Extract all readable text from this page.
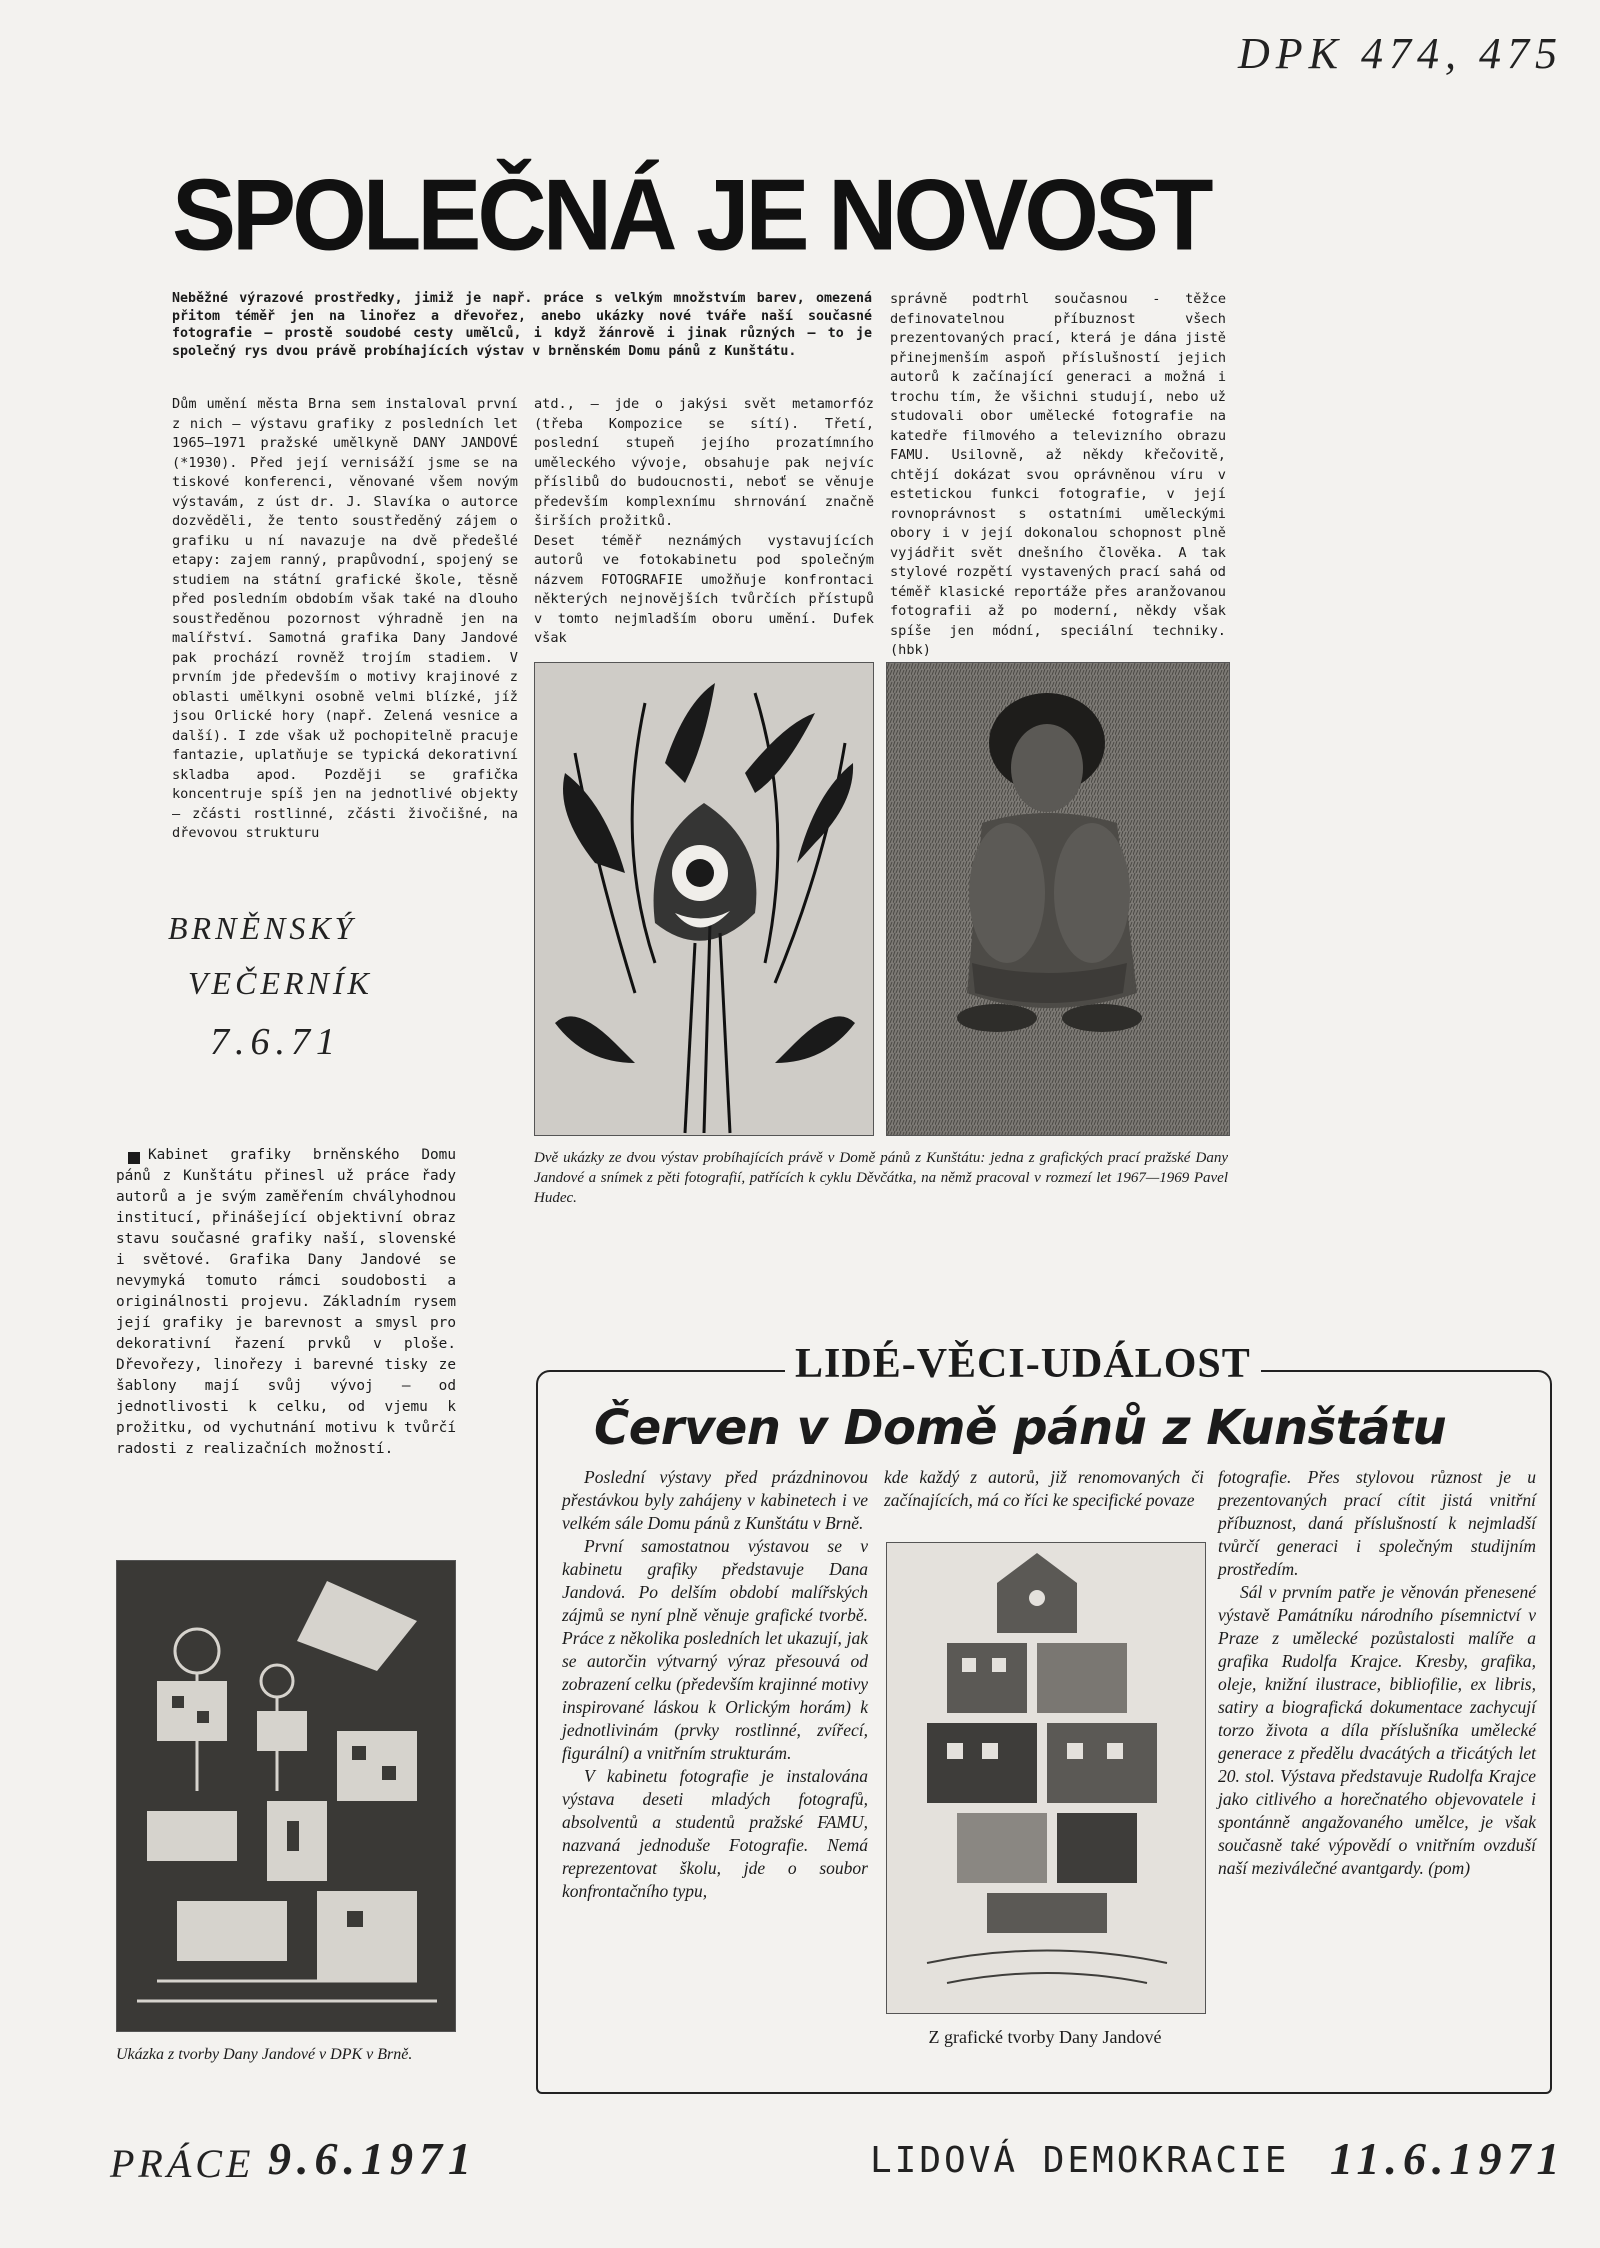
DPK 474, 475
SPOLEČNÁ JE NOVOST
Neběžné výrazové prostředky, jimiž je např. práce s velkým množstvím barev, omezená přitom téměř jen na linořez a dřevořez, anebo ukázky nové tváře naší současné fotografie — prostě soudobé cesty umělců, i když žánrově i jinak různých — to je společný rys dvou právě probíhajících výstav v brněnském Domu pánů z Kunštátu.
Dům umění města Brna sem instaloval první z nich — výstavu grafiky z posledních let 1965—1971 pražské umělkyně DANY JANDOVÉ (*1930). Před její vernisáží jsme se na tiskové konferenci, věnované všem novým výstavám, z úst dr. J. Slavíka o autorce dozvěděli, že tento soustředěný zájem o grafiku u ní navazuje na dvě předešlé etapy: zajem ranný, prapůvodní, spojený se studiem na státní grafické škole, těsně před posledním obdobím však také na dlouho soustředěnou pozornost výhradně jen na malířství. Samotná grafika Dany Jandové pak prochází rovněž trojím stadiem. V prvním jde především o motivy krajinové z oblasti umělkyni osobně velmi blízké, jíž jsou Orlické hory (např. Zelená vesnice a další). I zde však už pochopitelně pracuje fantazie, uplatňuje se typická dekorativní skladba apod. Později se grafička koncentruje spíš jen na jednotlivé objekty — zčásti rostlinné, zčásti živočišné, na dřevovou strukturu
atd., — jde o jakýsi svět metamorfóz (třeba Kompozice se sítí). Třetí, poslední stupeň jejího prozatímního uměleckého vývoje, obsahuje pak nejvíc příslibů do budoucnosti, neboť se věnuje především komplexnímu shrnování značně širších prožitků.
Deset téměř neznámých vystavujících autorů ve fotokabinetu pod společným názvem FOTOGRAFIE umožňuje konfrontaci některých nejnovějších tvůrčích přístupů v tomto nejmladším oboru umění. Dufek však
správně podtrhl současnou - těžce definovatelnou příbuznost všech prezentovaných prací, která je dána jistě přinejmenším aspoň příslušností jejich autorů k začínající generaci a možná i trochu tím, že všichni studují, nebo už studovali obor umělecké fotografie na katedře filmového a televizního obrazu FAMU. Usilovně, až někdy křečovitě, chtějí dokázat svou oprávněnou víru v estetickou funkci fotografie, v její rovnoprávnost s ostatními uměleckými obory i v její dokonalou schopnost plně vyjádřit svět dnešního člověka. A tak stylové rozpětí vystavených prací sahá od téměř klasické reportáže přes aranžovanou fotografii až po moderní, někdy však spíše jen módní, speciální techniky. (hbk)
Dvě ukázky ze dvou výstav probíhajících právě v Domě pánů z Kunštátu: jedna z grafických prací pražské Dany Jandové a snímek z pěti fotografií, patřících k cyklu Děvčátka, na němž pracoval v rozmezí let 1967—1969 Pavel Hudec.
BRNĚNSKÝ
VEČERNÍK
7.6.71
Kabinet grafiky brněnského Domu pánů z Kunštátu přinesl už práce řady autorů a je svým zaměřením chvályhodnou institucí, přinášející objektivní obraz stavu současné grafiky naší, slovenské i světové. Grafika Dany Jandové se nevymyká tomuto rámci soudobosti a originálnosti projevu. Základním rysem její grafiky je barevnost a smysl pro dekorativní řazení prvků v ploše. Dřevořezy, linořezy i barevné tisky ze šablony mají svůj vývoj — od jednotlivosti k celku, od vjemu k prožitku, od vychutnání motivu k tvůrčí radosti z realizačních možností.
Ukázka z tvorby Dany Jandové v DPK v Brně.
PRÁCE 9.6.1971
LIDÉ-VĚCI-UDÁLOST
Červen v Domě pánů z Kunštátu

Poslední výstavy před prázdninovou přestávkou byly zahájeny v kabinetech i ve velkém sále Domu pánů z Kunštátu v Brně.

První samostatnou výstavou se v kabinetu grafiky představuje Dana Jandová. Po delším období malířských zájmů se nyní plně věnuje grafické tvorbě. Práce z několika posledních let ukazují, jak se autorčin výtvarný výraz přesouvá od zobrazení celku (především krajinné motivy inspirované láskou k Orlickým horám) k jednotlivinám (prvky rostlinné, zvířecí, figurální) a vnitřním strukturám.

V kabinetu fotografie je instalována výstava deseti mladých fotografů, absolventů a studentů pražské FAMU, nazvaná jednoduše Fotografie. Nemá reprezentovat školu, jde o soubor konfrontačního typu,

kde každý z autorů, již renomovaných či začínajících, má co říci ke specifické povaze

Z grafické tvorby Dany Jandové

fotografie. Přes stylovou různost je u prezentovaných prací cítit jistá vnitřní příbuznost, daná příslušností k nejmladší tvůrčí generaci i společným studijním prostředím.

Sál v prvním patře je věnován přenesené výstavě Památníku národního písemnictví v Praze z umělecké pozůstalosti malíře a grafika Rudolfa Krajce. Kresby, grafika, oleje, knižní ilustrace, bibliofilie, ex libris, satiry a biografická dokumentace zachycují torzo života a díla příslušníka umělecké generace z předělu dvacátých a třicátých let 20. stol. Výstava představuje Rudolfa Krajce jako citlivého a horečnatého objevovatele i spontánně angažovaného umělce, je však současně také výpovědí o vnitřním ovzduší naší meziválečné avantgardy. (pom)

LIDOVÁ DEMOKRACIE 11.6.1971
